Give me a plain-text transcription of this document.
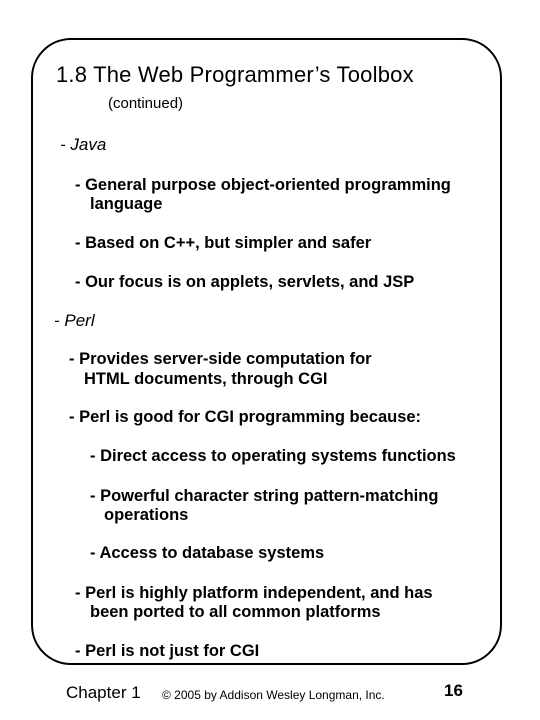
1.8 The Web Programmer’s Toolbox
(continued)
- Java
- General purpose object-oriented programming
language
- Based on C++, but simpler and safer
- Our focus is on applets, servlets, and JSP
- Perl
- Provides server-side computation for
HTML documents, through CGI
- Perl is good for CGI programming because:
- Direct access to operating systems functions
- Powerful character string pattern-matching
operations
- Access to database systems
- Perl is highly platform independent, and has
been ported to all common platforms
- Perl is not just for CGI
Chapter 1 © 2005 by Addison Wesley Longman, Inc.	16
